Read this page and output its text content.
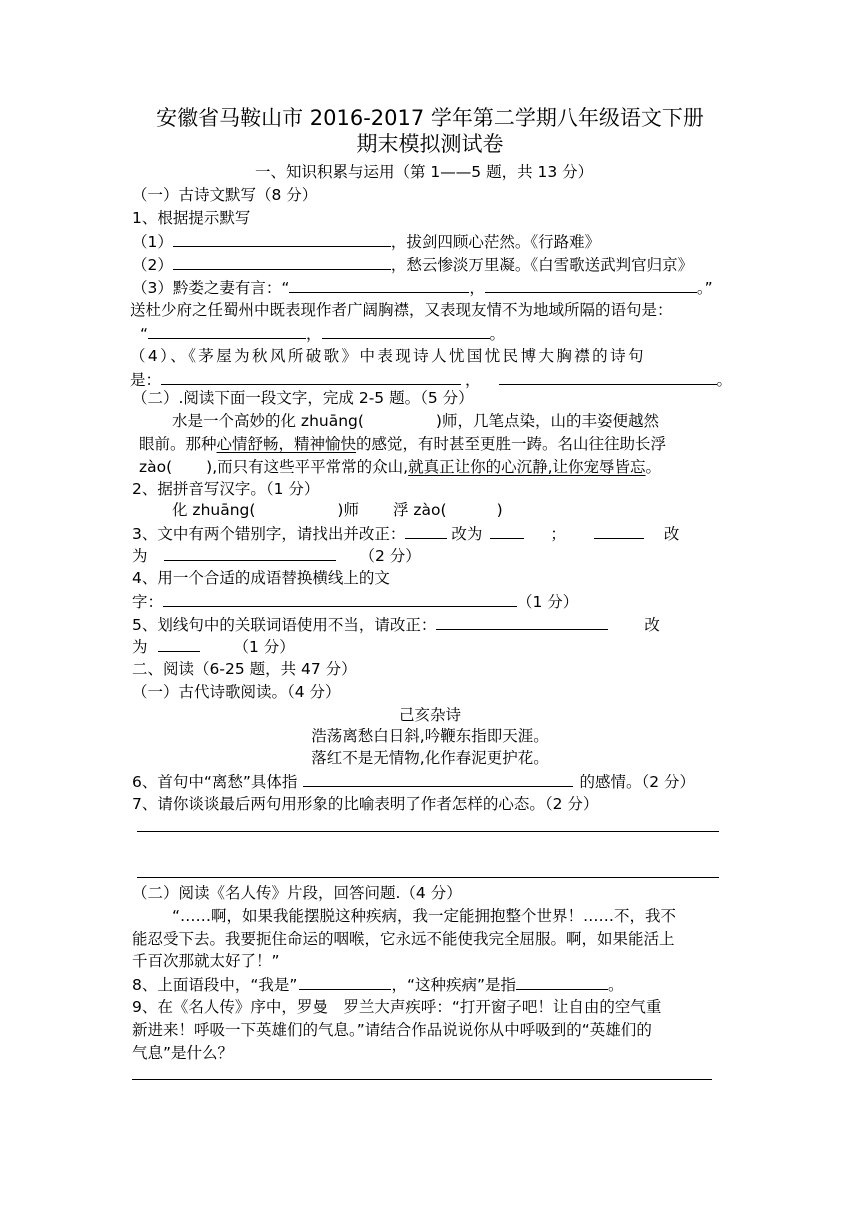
安徽省马鞍山市 2016-2017 学年第二学期八年级语文下册
期末模拟测试卷
一、知识积累与运用（第 1——5 题，共 13 分）
（一）古诗文默写（8 分）
1、根据提示默写
（1）	，拔剑四顾心茫然。《行路难》
（2）	，愁云惨淡万里凝。《白雪歌送武判官归京》
（3）黔娄之妻有言：“	，	。”
送杜少府之任蜀州中既表现作者广阔胸襟，又表现友情不为地域所隔的语句是：
“	，	。
（4）、《茅屋为秋风所破歌》中表现诗人忧国忧民博大胸襟的诗句
是：	，	。
（二）.阅读下面一段文字，完成 2-5 题。（5 分）
水是一个高妙的化 zhuāng(	)师，几笔点染，山的丰姿便越然
眼前。那种心情舒畅，精神愉快的感觉，有时甚至更胜一踌。名山往往助长浮
zào( ),而只有这些平平常常的众山,就真正让你的心沉静,让你宠辱皆忘。
2、据拼音写汉字。（1 分）
化 zhuāng(	)师 浮 zào(	)
3、文中有两个错别字，请找出并改正：	改为	；	改
为	（2 分）
4、用一个合适的成语替换横线上的文
字：	（1 分）
5、划线句中的关联词语使用不当，请改正：	改
为	（1 分）
二、阅读（6-25 题，共 47 分）
（一）古代诗歌阅读。（4 分）
己亥杂诗
浩荡离愁白日斜,吟鞭东指即天涯。
落红不是无情物,化作春泥更护花。
6、首句中“离愁”具体指	的感情。（2 分）
7、请你谈谈最后两句用形象的比喻表明了作者怎样的心态。（2 分）
（二）阅读《名人传》片段，回答问题.（4 分）
“……啊，如果我能摆脱这种疾病，我一定能拥抱整个世界！……不，我不
能忍受下去。我要扼住命运的咽喉，它永远不能使我完全屈服。啊，如果能活上
千百次那就太好了！”
8、上面语段中，“我是”	，“这种疾病”是指	。
9、在《名人传》序中，罗曼　罗兰大声疾呼：“打开窗子吧！让自由的空气重
新进来！呼吸一下英雄们的气息。”请结合作品说说你从中呼吸到的“英雄们的
气息”是什么？
